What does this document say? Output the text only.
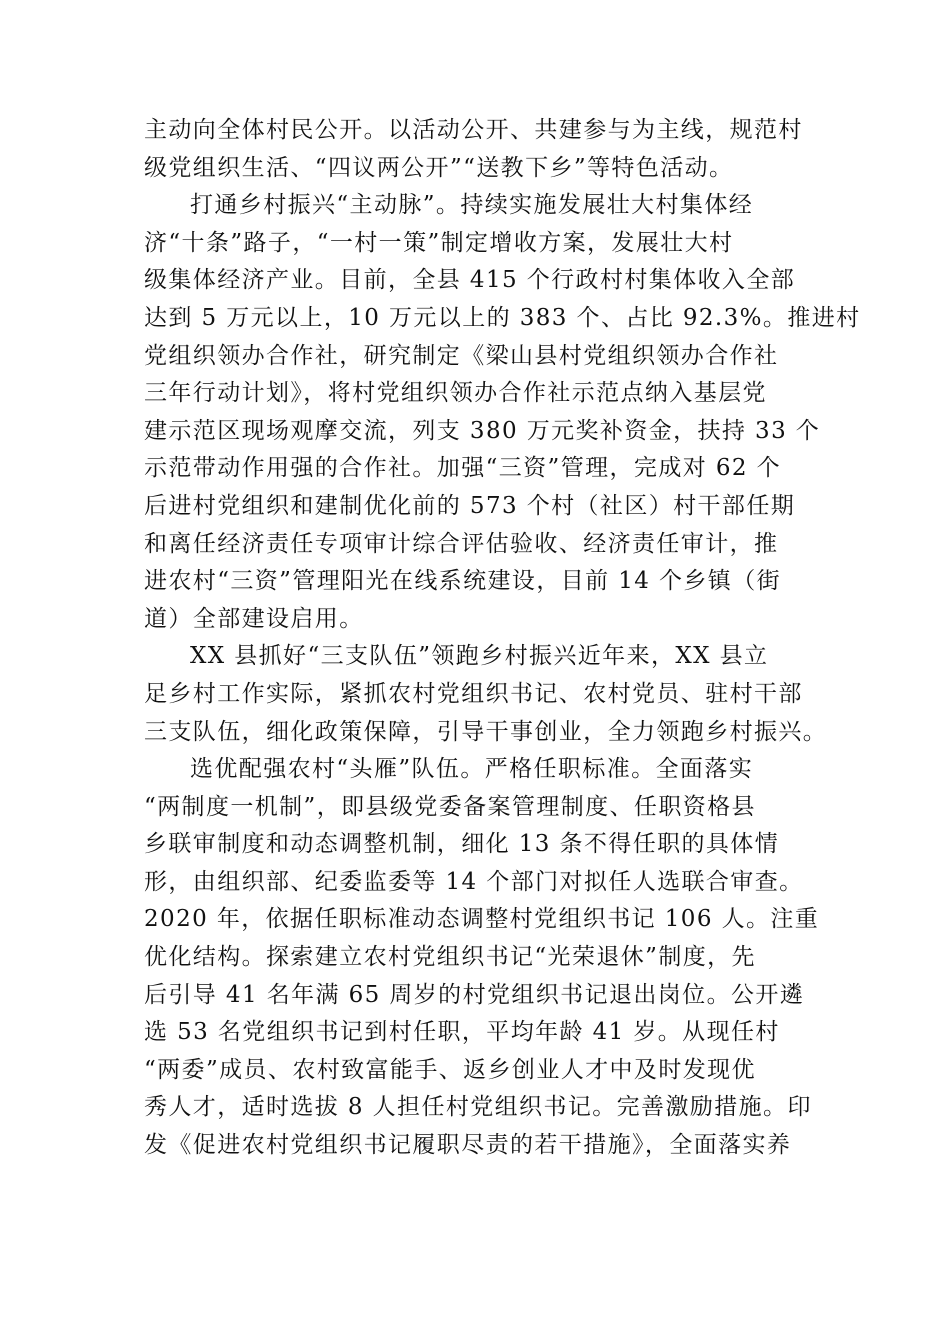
主动向全体村民公开。以活动公开、共建参与为主线，规范村
级党组织生活、“四议两公开”“送教下乡”等特色活动。

打通乡村振兴“主动脉”。持续实施发展壮大村集体经
济“十条”路子，“一村一策”制定增收方案，发展壮大村
级集体经济产业。目前，全县 415 个行政村村集体收入全部
达到 5 万元以上，10 万元以上的 383 个、占比 92.3%。推进村
党组织领办合作社，研究制定《梁山县村党组织领办合作社
三年行动计划》，将村党组织领办合作社示范点纳入基层党
建示范区现场观摩交流，列支 380 万元奖补资金，扶持 33 个
示范带动作用强的合作社。加强“三资”管理，完成对 62 个
后进村党组织和建制优化前的 573 个村（社区）村干部任期
和离任经济责任专项审计综合评估验收、经济责任审计，推
进农村“三资”管理阳光在线系统建设，目前 14 个乡镇（街
道）全部建设启用。

XX 县抓好“三支队伍”领跑乡村振兴近年来，XX 县立
足乡村工作实际，紧抓农村党组织书记、农村党员、驻村干部
三支队伍，细化政策保障，引导干事创业，全力领跑乡村振兴。

选优配强农村“头雁”队伍。严格任职标准。全面落实
“两制度一机制”，即县级党委备案管理制度、任职资格县
乡联审制度和动态调整机制，细化 13 条不得任职的具体情
形，由组织部、纪委监委等 14 个部门对拟任人选联合审查。
2020 年，依据任职标准动态调整村党组织书记 106 人。注重
优化结构。探索建立农村党组织书记“光荣退休”制度，先
后引导 41 名年满 65 周岁的村党组织书记退出岗位。公开遴
选 53 名党组织书记到村任职，平均年龄 41 岁。从现任村
“两委”成员、农村致富能手、返乡创业人才中及时发现优
秀人才，适时选拔 8 人担任村党组织书记。完善激励措施。印
发《促进农村党组织书记履职尽责的若干措施》，全面落实养
